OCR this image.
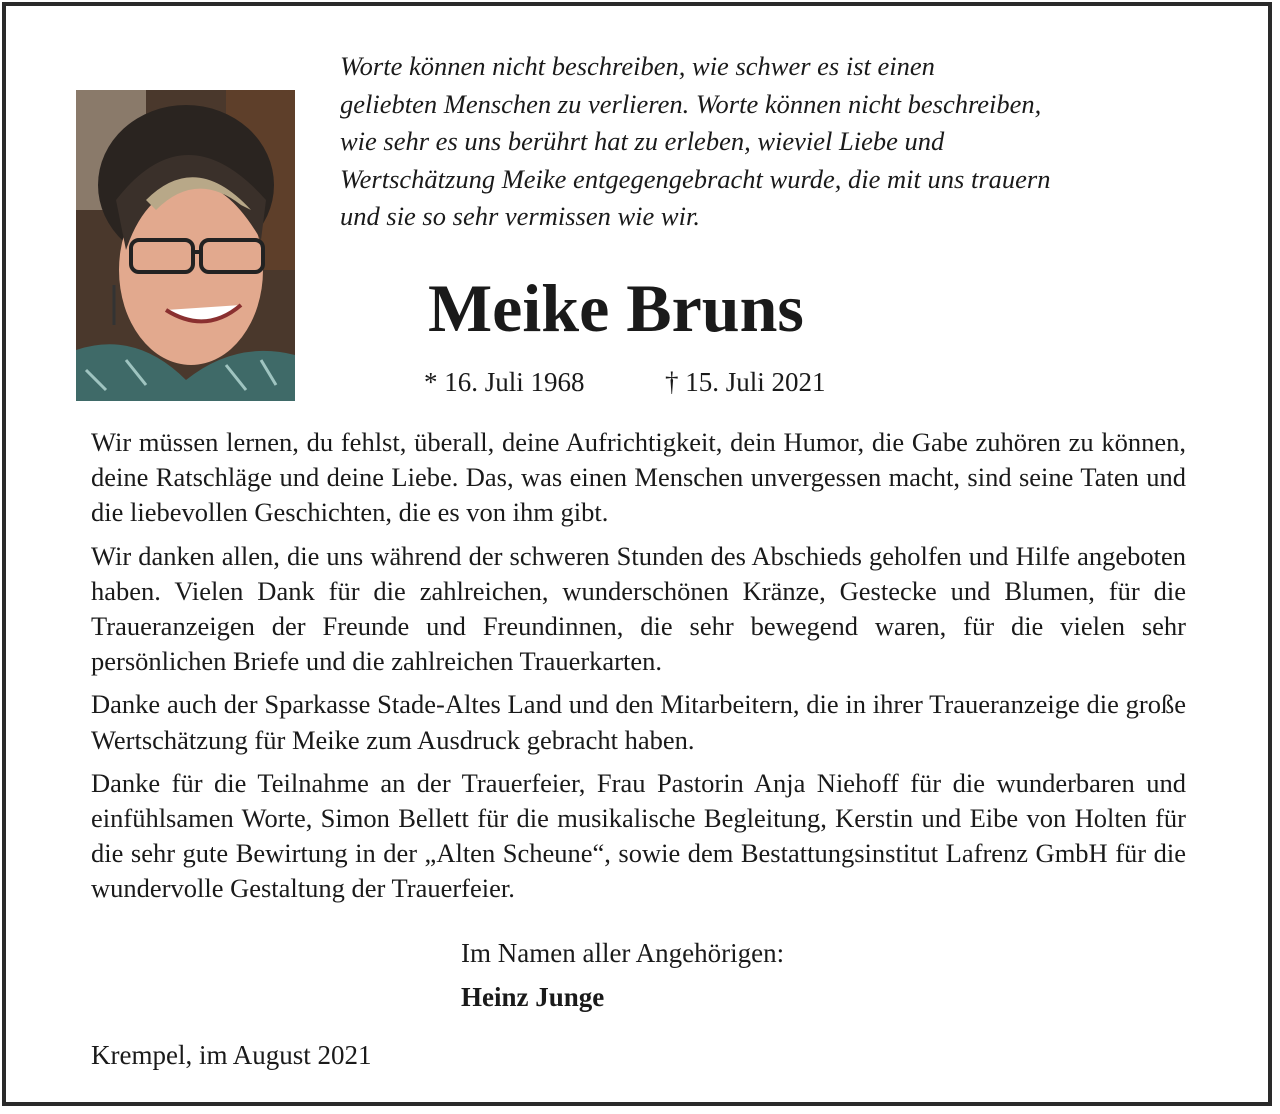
Worte können nicht beschreiben, wie schwer es ist einen
geliebten Menschen zu verlieren. Worte können nicht beschreiben,
wie sehr es uns berührt hat zu erleben, wieviel Liebe und
Wertschätzung Meike entgegengebracht wurde, die mit uns trauern
und sie so sehr vermissen wie wir.
Meike Bruns
* 16. Juli 1968	† 15. Juli 2021

Wir müssen lernen, du fehlst, überall, deine Aufrichtigkeit, dein Humor, die Gabe zuhören zu können, deine Ratschläge und deine Liebe. Das, was einen Menschen unvergessen macht, sind seine Taten und die liebevollen Geschichten, die es von ihm gibt.

Wir danken allen, die uns während der schweren Stunden des Abschieds geholfen und Hilfe angeboten haben. Vielen Dank für die zahlreichen, wunderschönen Kränze, Gestecke und Blumen, für die Traueranzeigen der Freunde und Freundinnen, die sehr bewegend waren, für die vielen sehr persönlichen Briefe und die zahlreichen Trauerkarten.

Danke auch der Sparkasse Stade-Altes Land und den Mitarbeitern, die in ihrer Traueranzeige die große Wertschätzung für Meike zum Ausdruck gebracht haben.

Danke für die Teilnahme an der Trauerfeier, Frau Pastorin Anja Niehoff für die wunderbaren und einfühlsamen Worte, Simon Bellett für die musikalische Begleitung, Kerstin und Eibe von Holten für die sehr gute Bewirtung in der „Alten Scheune“, sowie dem Bestattungsinstitut Lafrenz GmbH für die wundervolle Gestaltung der Trauerfeier.

Im Namen aller Angehörigen:
Heinz Junge
Krempel, im August 2021
